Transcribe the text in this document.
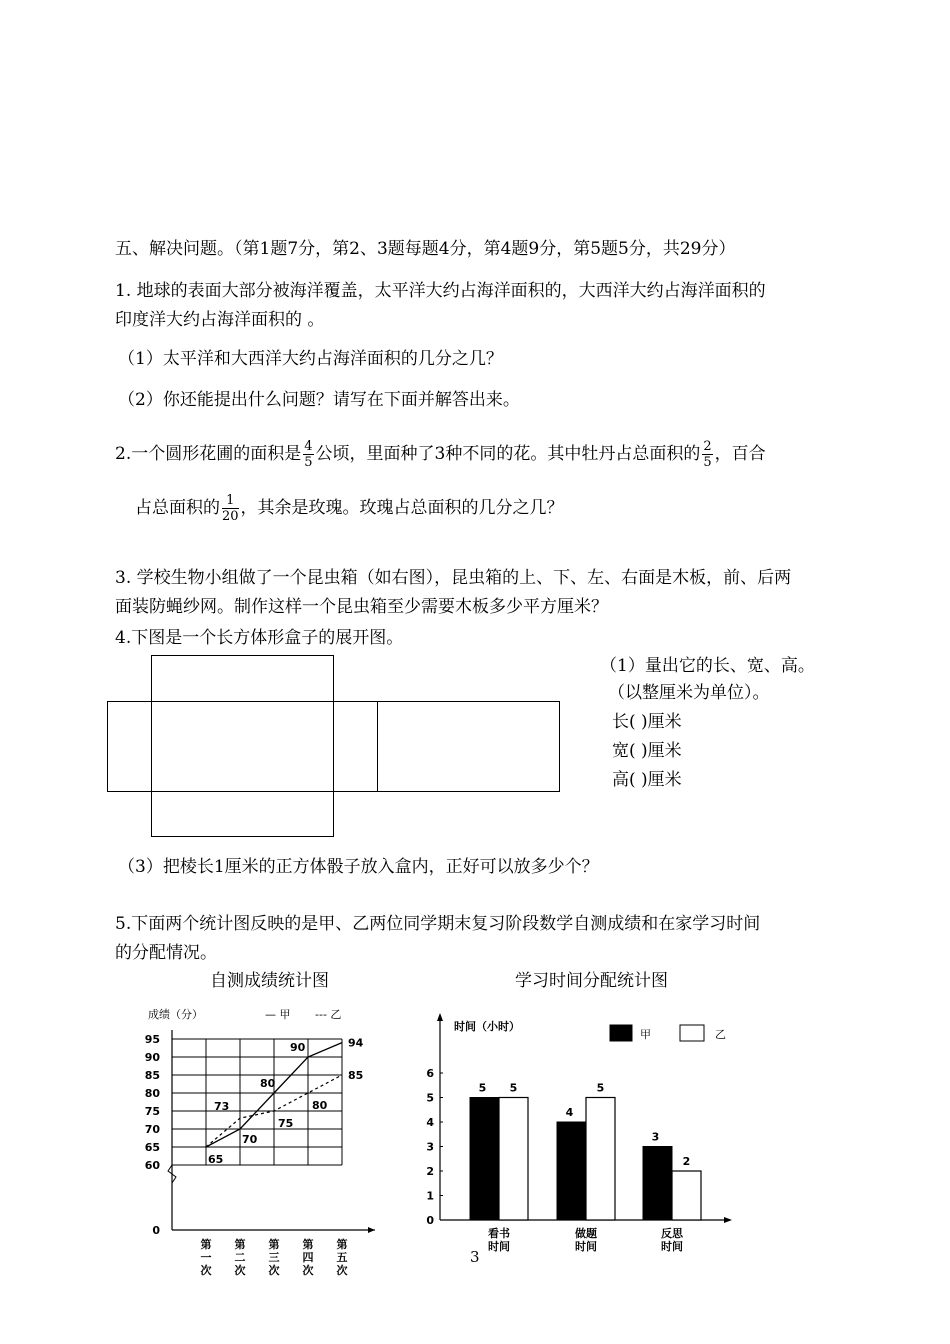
五、解决问题。（第1题7分，第2、3题每题4分，第4题9分，第5题5分，共29分）
1. 地球的表面大部分被海洋覆盖，太平洋大约占海洋面积的，大西洋大约占海洋面积的
印度洋大约占海洋面积的 。
（1）太平洋和大西洋大约占海洋面积的几分之几？
（2）你还能提出什么问题？请写在下面并解答出来。
2.一个圆形花圃的面积是 $\frac{4}{5}$ 公顷，里面种了3种不同的花。其中牡丹占总面积的 $\frac{2}{5}$ ，百合
占总面积的 $\frac{1}{20}$ ，其余是玫瑰。玫瑰占总面积的几分之几？
3. 学校生物小组做了一个昆虫箱（如右图），昆虫箱的上、下、左、右面是木板，前、后两
面装防蝇纱网。制作这样一个昆虫箱至少需要木板多少平方厘米？
4.下图是一个长方体形盒子的展开图。
（1）量出它的长、宽、高。
（以整厘米为单位）。
长( )厘米
宽( )厘米
高( )厘米
（3）把棱长1厘米的正方体骰子放入盒内，正好可以放多少个？
5.下面两个统计图反映的是甲、乙两位同学期末复习阶段数学自测成绩和在家学习时间
的分配情况。
自测成绩统计图	学习时间分配统计图
成绩（分）	— 甲 --- 乙
95
90
85
80
75
70
65
60
0
第一次
第二次
第三次
第四次
第五次
65
70
80
90	94
73
75
80
85
时间（小时）
甲	乙
0
1
2
3
4
5
6
5 5
看书
时间
4
5
做题
时间
3
2
反思
时间
3
